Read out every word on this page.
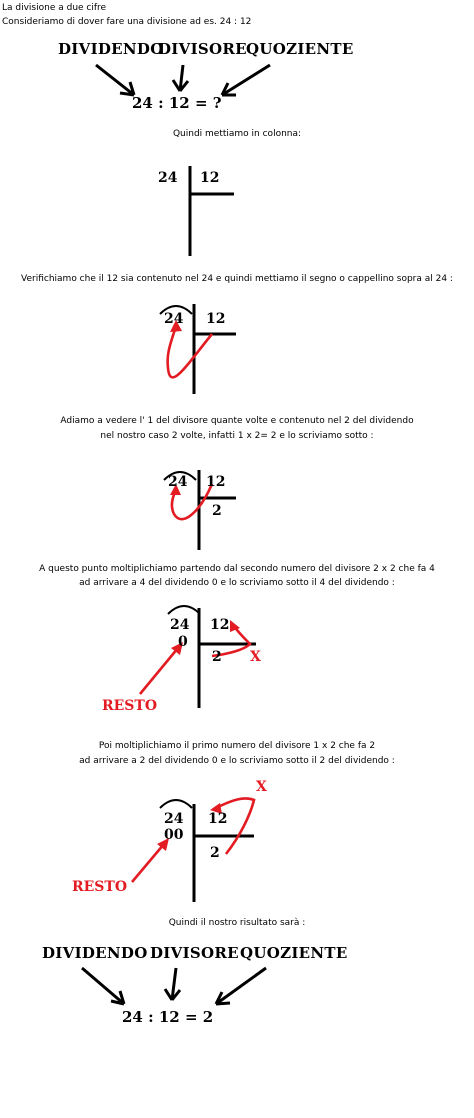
La divisione a due cifre
Consideriamo di dover fare una divisione ad es. 24 : 12
DIVIDENDO
DIVISORE QUOZIENTE
24 : 12 = ?
Quindi mettiamo in colonna:
24 12
Verifichiamo che il 12 sia contenuto nel 24 e quindi mettiamo il segno o cappellino sopra al 24 :
24 12
Adiamo a vedere l' 1 del divisore quante volte e contenuto nel 2 del dividendo
nel nostro caso 2 volte, infatti 1 x 2= 2 e lo scriviamo sotto :
24 12
2
A questo punto moltiplichiamo partendo dal secondo numero del divisore 2 x 2 che fa 4
ad arrivare a 4 del dividendo 0 e lo scriviamo sotto il 4 del dividendo :
24 12
0
2 X
RESTO
Poi moltiplichiamo il primo numero del divisore 1 x 2 che fa 2
ad arrivare a 2 del dividendo 0 e lo scriviamo sotto il 2 del dividendo :
X
24 12
00
2
RESTO
Quindi il nostro risultato sarà :
DIVIDENDO DIVISORE QUOZIENTE
24 : 12 = 2
